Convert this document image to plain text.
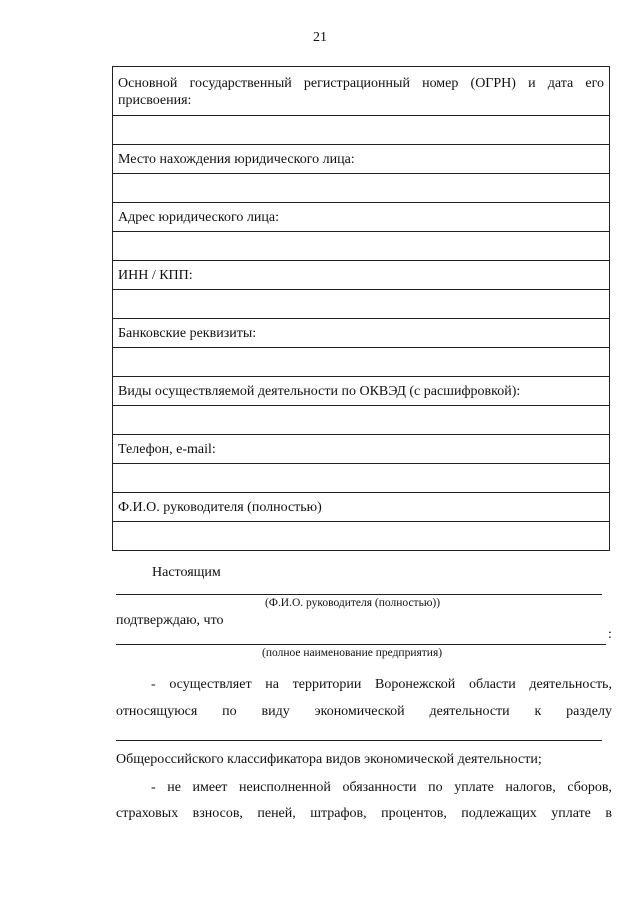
21
Основной государственный регистрационный номер (ОГРН) и дата его присвоения:

Место нахождения юридического лица:

Адрес юридического лица:

ИНН / КПП:

Банковские реквизиты:

Виды осуществляемой деятельности по ОКВЭД (с расшифровкой):

Телефон, e-mail:

Ф.И.О. руководителя (полностью)

Настоящим
(Ф.И.О. руководителя (полностью))
подтверждаю, что
:
(полное наименование предприятия)
- осуществляет на территории Воронежской области деятельность,
относящуюся по виду экономической деятельности к разделу
Общероссийского классификатора видов экономической деятельности;
- не имеет неисполненной обязанности по уплате налогов, сборов,
страховых взносов, пеней, штрафов, процентов, подлежащих уплате в
